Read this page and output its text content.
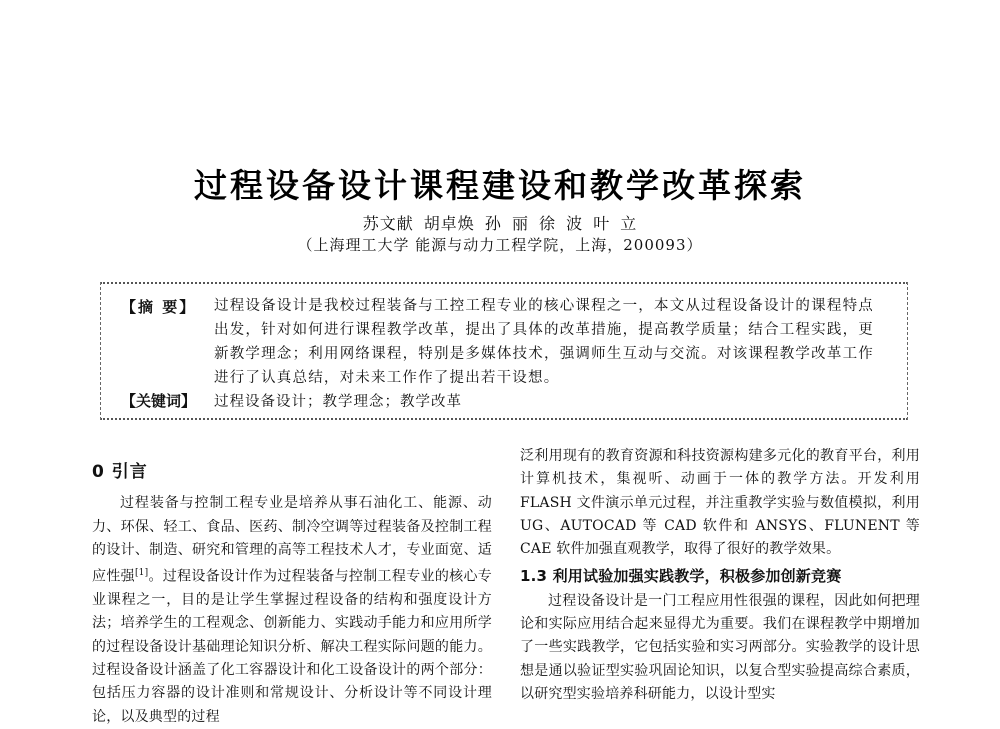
过程设备设计课程建设和教学改革探索
苏文献 胡卓焕 孙 丽 徐 波 叶 立
（上海理工大学 能源与动力工程学院，上海，200093）
【摘 要】 过程设备设计是我校过程装备与工控工程专业的核心课程之一，本文从过程设备设计的课程特点出发，针对如何进行课程教学改革，提出了具体的改革措施，提高教学质量；结合工程实践，更新教学理念；利用网络课程，特别是多媒体技术，强调师生互动与交流。对该课程教学改革工作进行了认真总结，对未来工作作了提出若干设想。
【关键词】 过程设备设计；教学理念；教学改革
0 引言

过程装备与控制工程专业是培养从事石油化工、能源、动力、环保、轻工、食品、医药、制冷空调等过程装备及控制工程的设计、制造、研究和管理的高等工程技术人才，专业面宽、适应性强[1]。过程设备设计作为过程装备与控制工程专业的核心专业课程之一，目的是让学生掌握过程设备的结构和强度设计方法；培养学生的工程观念、创新能力、实践动手能力和应用所学的过程设备设计基础理论知识分析、解决工程实际问题的能力。过程设备设计涵盖了化工容器设计和化工设备设计的两个部分：包括压力容器的设计准则和常规设计、分析设计等不同设计理论，以及典型的过程

泛利用现有的教育资源和科技资源构建多元化的教育平台，利用计算机技术，集视听、动画于一体的教学方法。开发利用 FLASH 文件演示单元过程，并注重教学实验与数值模拟，利用 UG、AUTOCAD 等 CAD 软件和 ANSYS、FLUNENT 等 CAE 软件加强直观教学，取得了很好的教学效果。

1.3 利用试验加强实践教学，积极参加创新竞赛

过程设备设计是一门工程应用性很强的课程，因此如何把理论和实际应用结合起来显得尤为重要。我们在课程教学中期增加了一些实践教学，它包括实验和实习两部分。实验教学的设计思想是通以验证型实验巩固论知识，以复合型实验提高综合素质，以研究型实验培养科研能力，以设计型实
